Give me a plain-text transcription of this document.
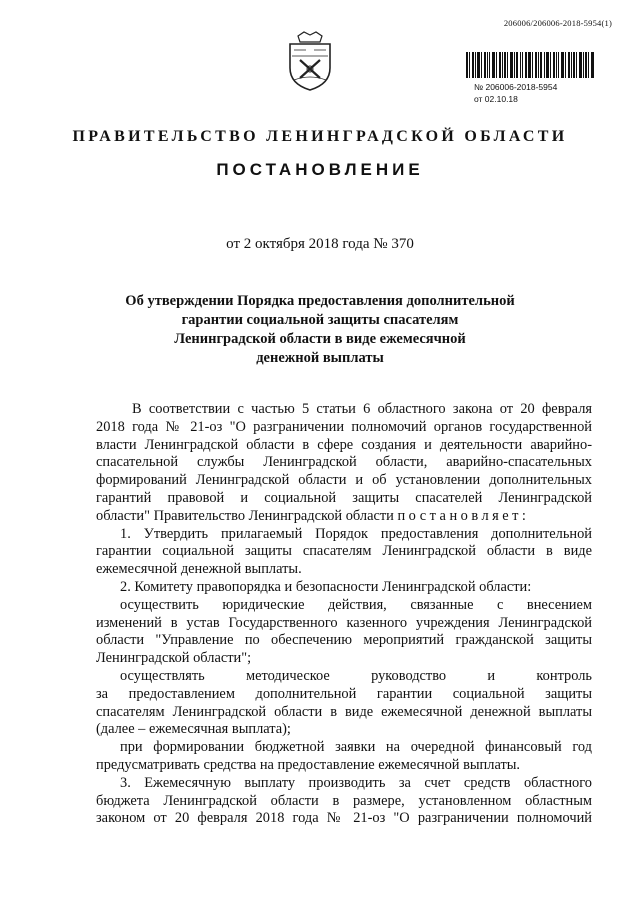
206006/206006-2018-5954(1)
№ 206006-2018-5954
от 02.10.18
ПРАВИТЕЛЬСТВО ЛЕНИНГРАДСКОЙ ОБЛАСТИ
ПОСТАНОВЛЕНИЕ
от 2 октября 2018 года № 370
Об утверждении Порядка предоставления дополнительной
гарантии социальной защиты спасателям
Ленинградской области в виде ежемесячной
денежной выплаты

В соответствии с частью 5 статьи 6 областного закона от 20 февраля

2018 года № 21-оз "О разграничении полномочий органов государственной

власти Ленинградской области в сфере создания и деятельности аварийно-

спасательной службы Ленинградской области, аварийно-спасательных

формирований Ленинградской области и об установлении дополнительных

гарантий правовой и социальной защиты спасателей Ленинградской

области" Правительство Ленинградской области постановляет:

1. Утвердить прилагаемый Порядок предоставления дополнительной

гарантии социальной защиты спасателям Ленинградской области в виде

ежемесячной денежной выплаты.

2. Комитету правопорядка и безопасности Ленинградской области:

осуществить юридические действия, связанные с внесением

изменений в устав Государственного казенного учреждения Ленинградской

области "Управление по обеспечению мероприятий гражданской защиты

Ленинградской области";

осуществлять методическое руководство и контроль

за предоставлением дополнительной гарантии социальной защиты

спасателям Ленинградской области в виде ежемесячной денежной выплаты

(далее – ежемесячная выплата);

при формировании бюджетной заявки на очередной финансовый год

предусматривать средства на предоставление ежемесячной выплаты.

3. Ежемесячную выплату производить за счет средств областного

бюджета Ленинградской области в размере, установленном областным

законом от 20 февраля 2018 года № 21-оз "О разграничении полномочий
